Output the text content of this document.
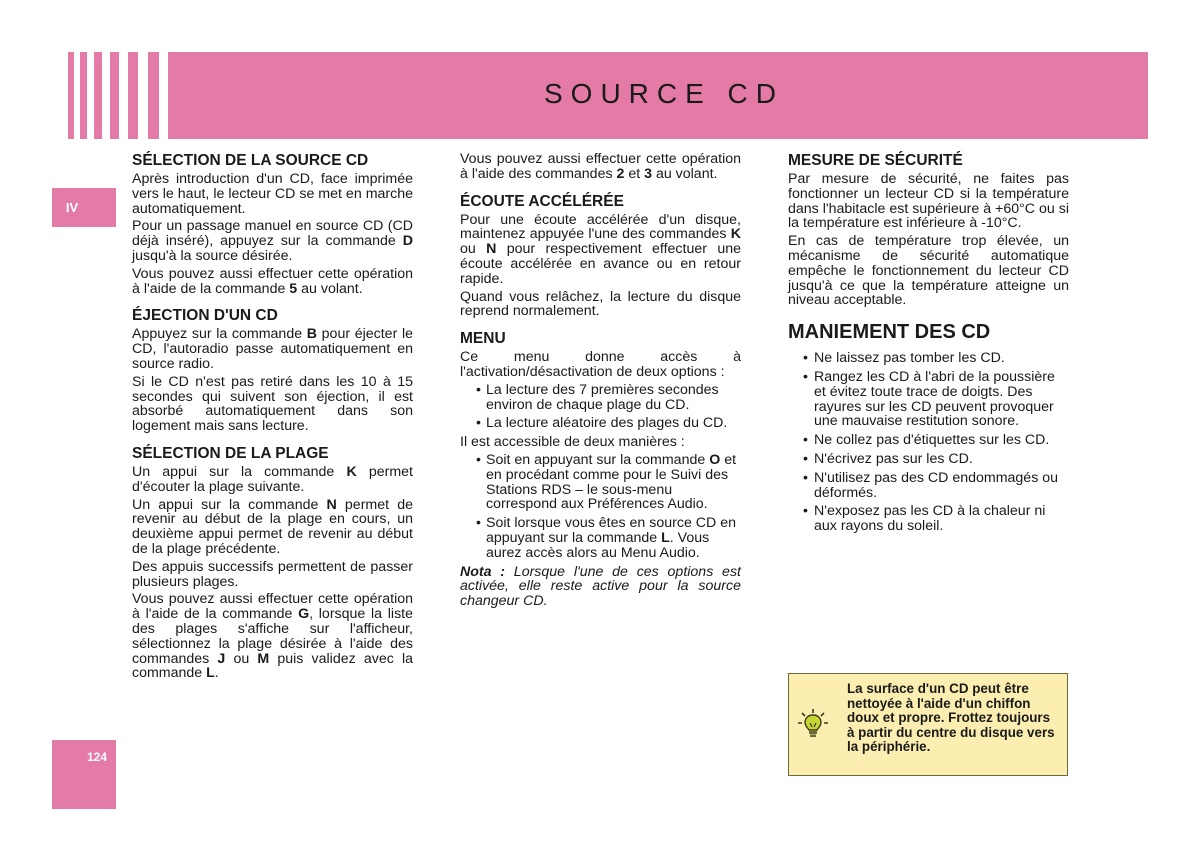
SOURCE CD
IV
124
SÉLECTION DE LA SOURCE CD

Après introduction d'un CD, face imprimée vers le haut, le lecteur CD se met en marche automatiquement.

Pour un passage manuel en source CD (CD déjà inséré), appuyez sur la commande D jusqu'à la source désirée.

Vous pouvez aussi effectuer cette opération à l'aide de la commande 5 au volant.

ÉJECTION D'UN CD

Appuyez sur la commande B pour éjecter le CD, l'autoradio passe automatiquement en source radio.

Si le CD n'est pas retiré dans les 10 à 15 secondes qui suivent son éjection, il est absorbé automatiquement dans son logement mais sans lecture.

SÉLECTION DE LA PLAGE

Un appui sur la commande K permet d'écouter la plage suivante.

Un appui sur la commande N permet de revenir au début de la plage en cours, un deuxième appui permet de revenir au début de la plage précédente.

Des appuis successifs permettent de passer plusieurs plages.

Vous pouvez aussi effectuer cette opération à l'aide de la commande G, lorsque la liste des plages s'affiche sur l'afficheur, sélectionnez la plage désirée à l'aide des commandes J ou M puis validez avec la commande L.

Vous pouvez aussi effectuer cette opération à l'aide des commandes 2 et 3 au volant.

ÉCOUTE ACCÉLÉRÉE

Pour une écoute accélérée d'un disque, maintenez appuyée l'une des commandes K ou N pour respectivement effectuer une écoute accélérée en avance ou en retour rapide.

Quand vous relâchez, la lecture du disque reprend normalement.

MENU

Ce menu donne accès à l'activation/désactivation de deux options :

• La lecture des 7 premières secondes environ de chaque plage du CD.
• La lecture aléatoire des plages du CD.

Il est accessible de deux manières :

• Soit en appuyant sur la commande O et en procédant comme pour le Suivi des Stations RDS – le sous-menu correspond aux Préférences Audio.
• Soit lorsque vous êtes en source CD en appuyant sur la commande L. Vous aurez accès alors au Menu Audio.

Nota : Lorsque l'une de ces options est activée, elle reste active pour la source changeur CD.

MESURE DE SÉCURITÉ

Par mesure de sécurité, ne faites pas fonctionner un lecteur CD si la température dans l'habitacle est supérieure à +60°C ou si la température est inférieure à -10°C.

En cas de température trop élevée, un mécanisme de sécurité automatique empêche le fonctionnement du lecteur CD jusqu'à ce que la température atteigne un niveau acceptable.

MANIEMENT DES CD
• Ne laissez pas tomber les CD.
• Rangez les CD à l'abri de la poussière et évitez toute trace de doigts. Des rayures sur les CD peuvent provoquer une mauvaise restitution sonore.
• Ne collez pas d'étiquettes sur les CD.
• N'écrivez pas sur les CD.
• N'utilisez pas des CD endommagés ou déformés.
• N'exposez pas les CD à la chaleur ni aux rayons du soleil.
La surface d'un CD peut être nettoyée à l'aide d'un chiffon doux et propre. Frottez toujours à partir du centre du disque vers la périphérie.
